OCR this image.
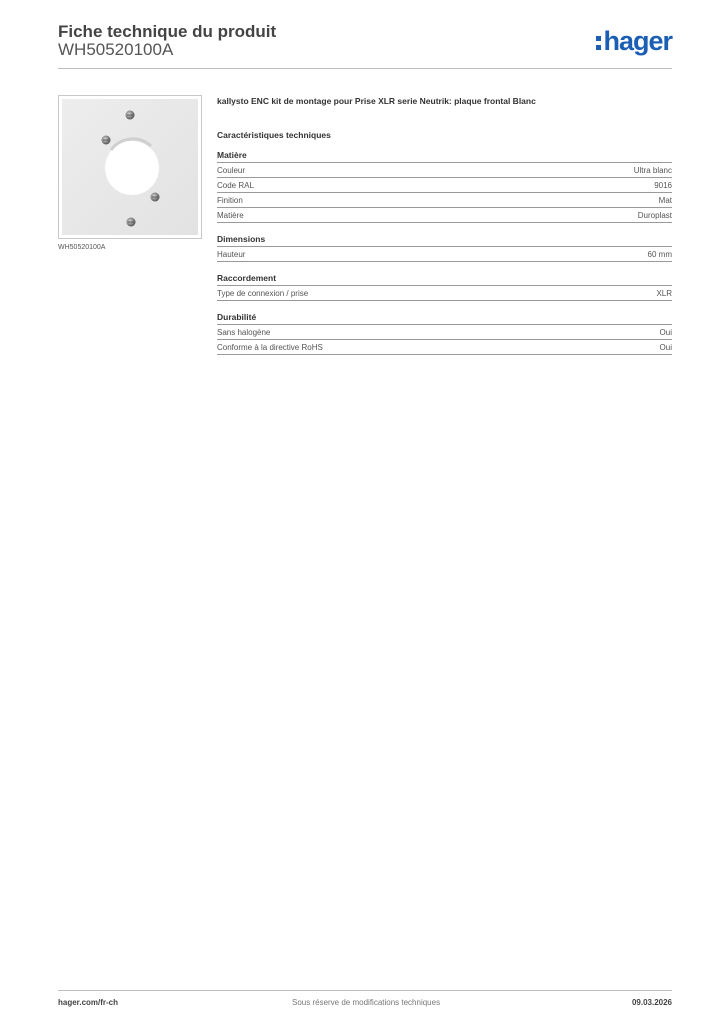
Fiche technique du produit
WH50520100A	hager
WH50520100A
kallysto ENC kit de montage pour Prise XLR serie Neutrik: plaque frontal Blanc
Caractéristiques techniques
Matière
Couleur	Ultra blanc
Code RAL	9016
Finition	Mat
Matière	Duroplast
Dimensions
Hauteur	60 mm
Raccordement
Type de connexion / prise	XLR
Durabilité
Sans halogène	Oui
Conforme à la directive RoHS	Oui
hager.com/fr-ch	Sous réserve de modifications techniques	09.03.2026
